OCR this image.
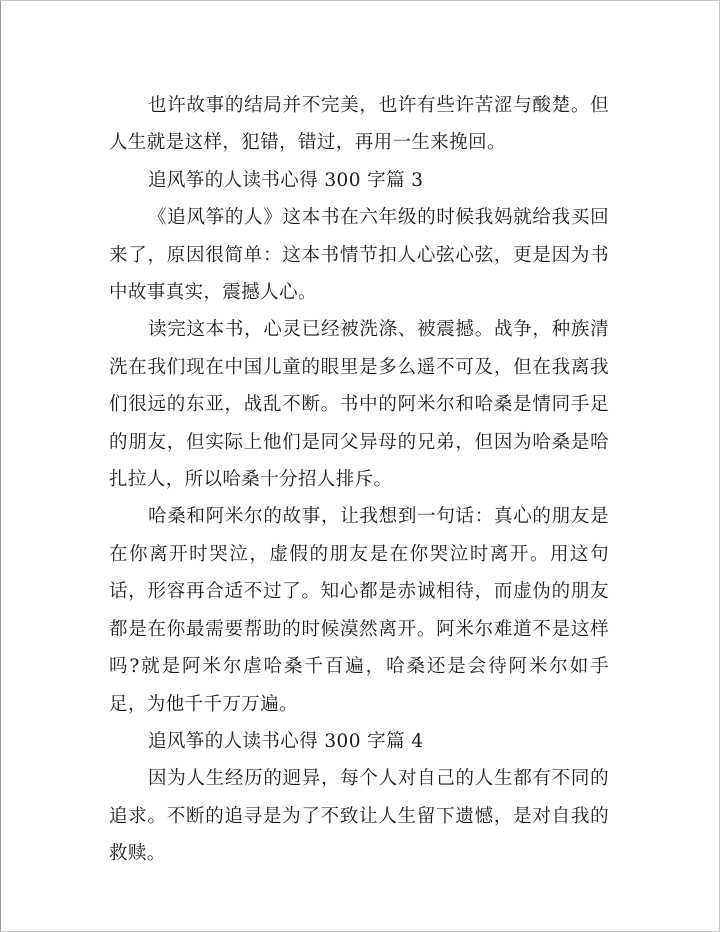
也许故事的结局并不完美，也许有些许苦涩与酸楚。但人生就是这样，犯错，错过，再用一生来挽回。

追风筝的人读书心得 300 字篇 3

《追风筝的人》这本书在六年级的时候我妈就给我买回来了，原因很简单：这本书情节扣人心弦心弦，更是因为书中故事真实，震撼人心。

读完这本书，心灵已经被洗涤、被震撼。战争，种族清洗在我们现在中国儿童的眼里是多么遥不可及，但在我离我们很远的东亚，战乱不断。书中的阿米尔和哈桑是情同手足的朋友，但实际上他们是同父异母的兄弟，但因为哈桑是哈扎拉人，所以哈桑十分招人排斥。

哈桑和阿米尔的故事，让我想到一句话：真心的朋友是在你离开时哭泣，虚假的朋友是在你哭泣时离开。用这句话，形容再合适不过了。知心都是赤诚相待，而虚伪的朋友都是在你最需要帮助的时候漠然离开。阿米尔难道不是这样吗?就是阿米尔虐哈桑千百遍，哈桑还是会待阿米尔如手足，为他千千万万遍。

追风筝的人读书心得 300 字篇 4

因为人生经历的迥异，每个人对自己的人生都有不同的追求。不断的追寻是为了不致让人生留下遗憾，是对自我的救赎。
